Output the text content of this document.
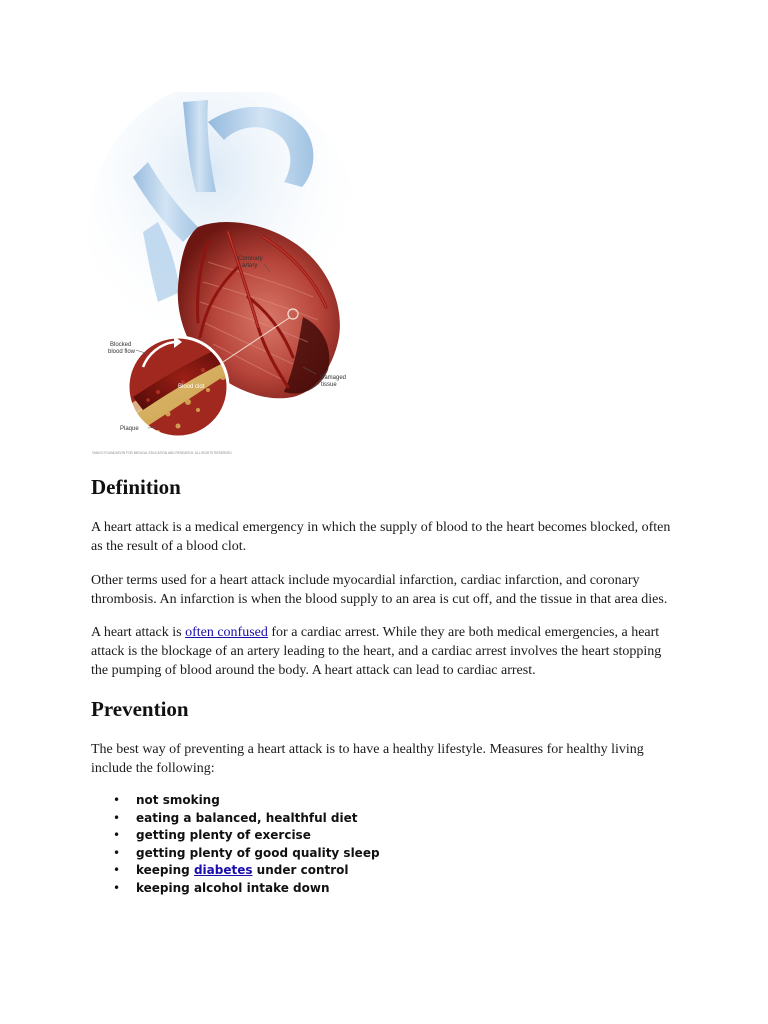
Coronary
artery
Blocked
blood flow
Damaged
tissue
Plaque
Blood clot
©MAYO FOUNDATION FOR MEDICAL EDUCATION AND RESEARCH. ALL RIGHTS RESERVED.
Definition

A heart attack is a medical emergency in which the supply of blood to the heart becomes blocked, often as the result of a blood clot.

Other terms used for a heart attack include myocardial infarction, cardiac infarction, and coronary thrombosis. An infarction is when the blood supply to an area is cut off, and the tissue in that area dies.

A heart attack is often confused for a cardiac arrest. While they are both medical emergencies, a heart attack is the blockage of an artery leading to the heart, and a cardiac arrest involves the heart stopping the pumping of blood around the body. A heart attack can lead to cardiac arrest.

Prevention

The best way of preventing a heart attack is to have a healthy lifestyle. Measures for healthy living include the following:

• not smoking
• eating a balanced, healthful diet
• getting plenty of exercise
• getting plenty of good quality sleep
• keeping diabetes under control
• keeping alcohol intake down
